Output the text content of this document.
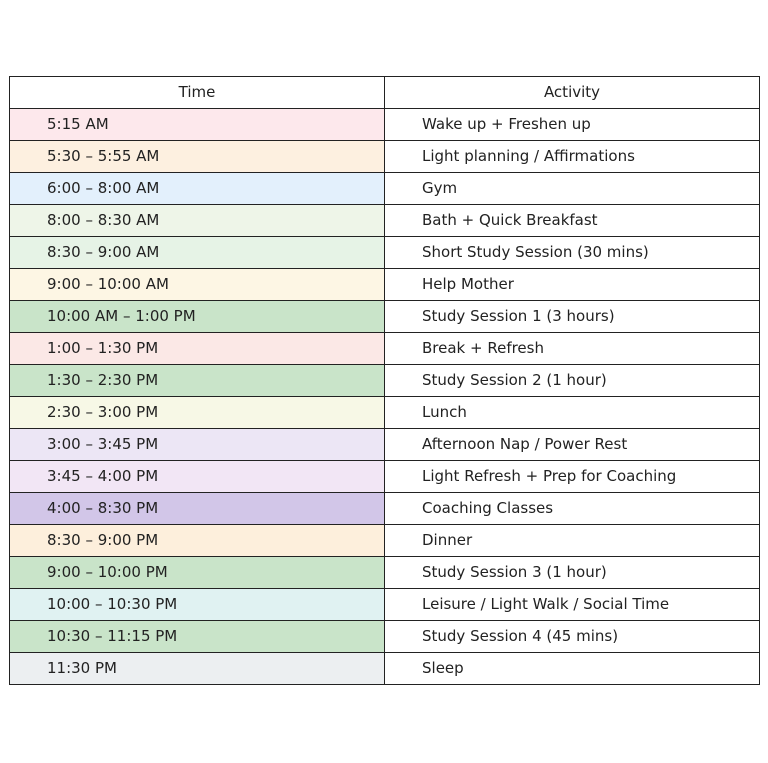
Time	Activity
5:15 AM	Wake up + Freshen up
5:30 – 5:55 AM	Light planning / Affirmations
6:00 – 8:00 AM	Gym
8:00 – 8:30 AM	Bath + Quick Breakfast
8:30 – 9:00 AM	Short Study Session (30 mins)
9:00 – 10:00 AM	Help Mother
10:00 AM – 1:00 PM	Study Session 1 (3 hours)
1:00 – 1:30 PM	Break + Refresh
1:30 – 2:30 PM	Study Session 2 (1 hour)
2:30 – 3:00 PM	Lunch
3:00 – 3:45 PM	Afternoon Nap / Power Rest
3:45 – 4:00 PM	Light Refresh + Prep for Coaching
4:00 – 8:30 PM	Coaching Classes
8:30 – 9:00 PM	Dinner
9:00 – 10:00 PM	Study Session 3 (1 hour)
10:00 – 10:30 PM	Leisure / Light Walk / Social Time
10:30 – 11:15 PM	Study Session 4 (45 mins)
11:30 PM	Sleep
